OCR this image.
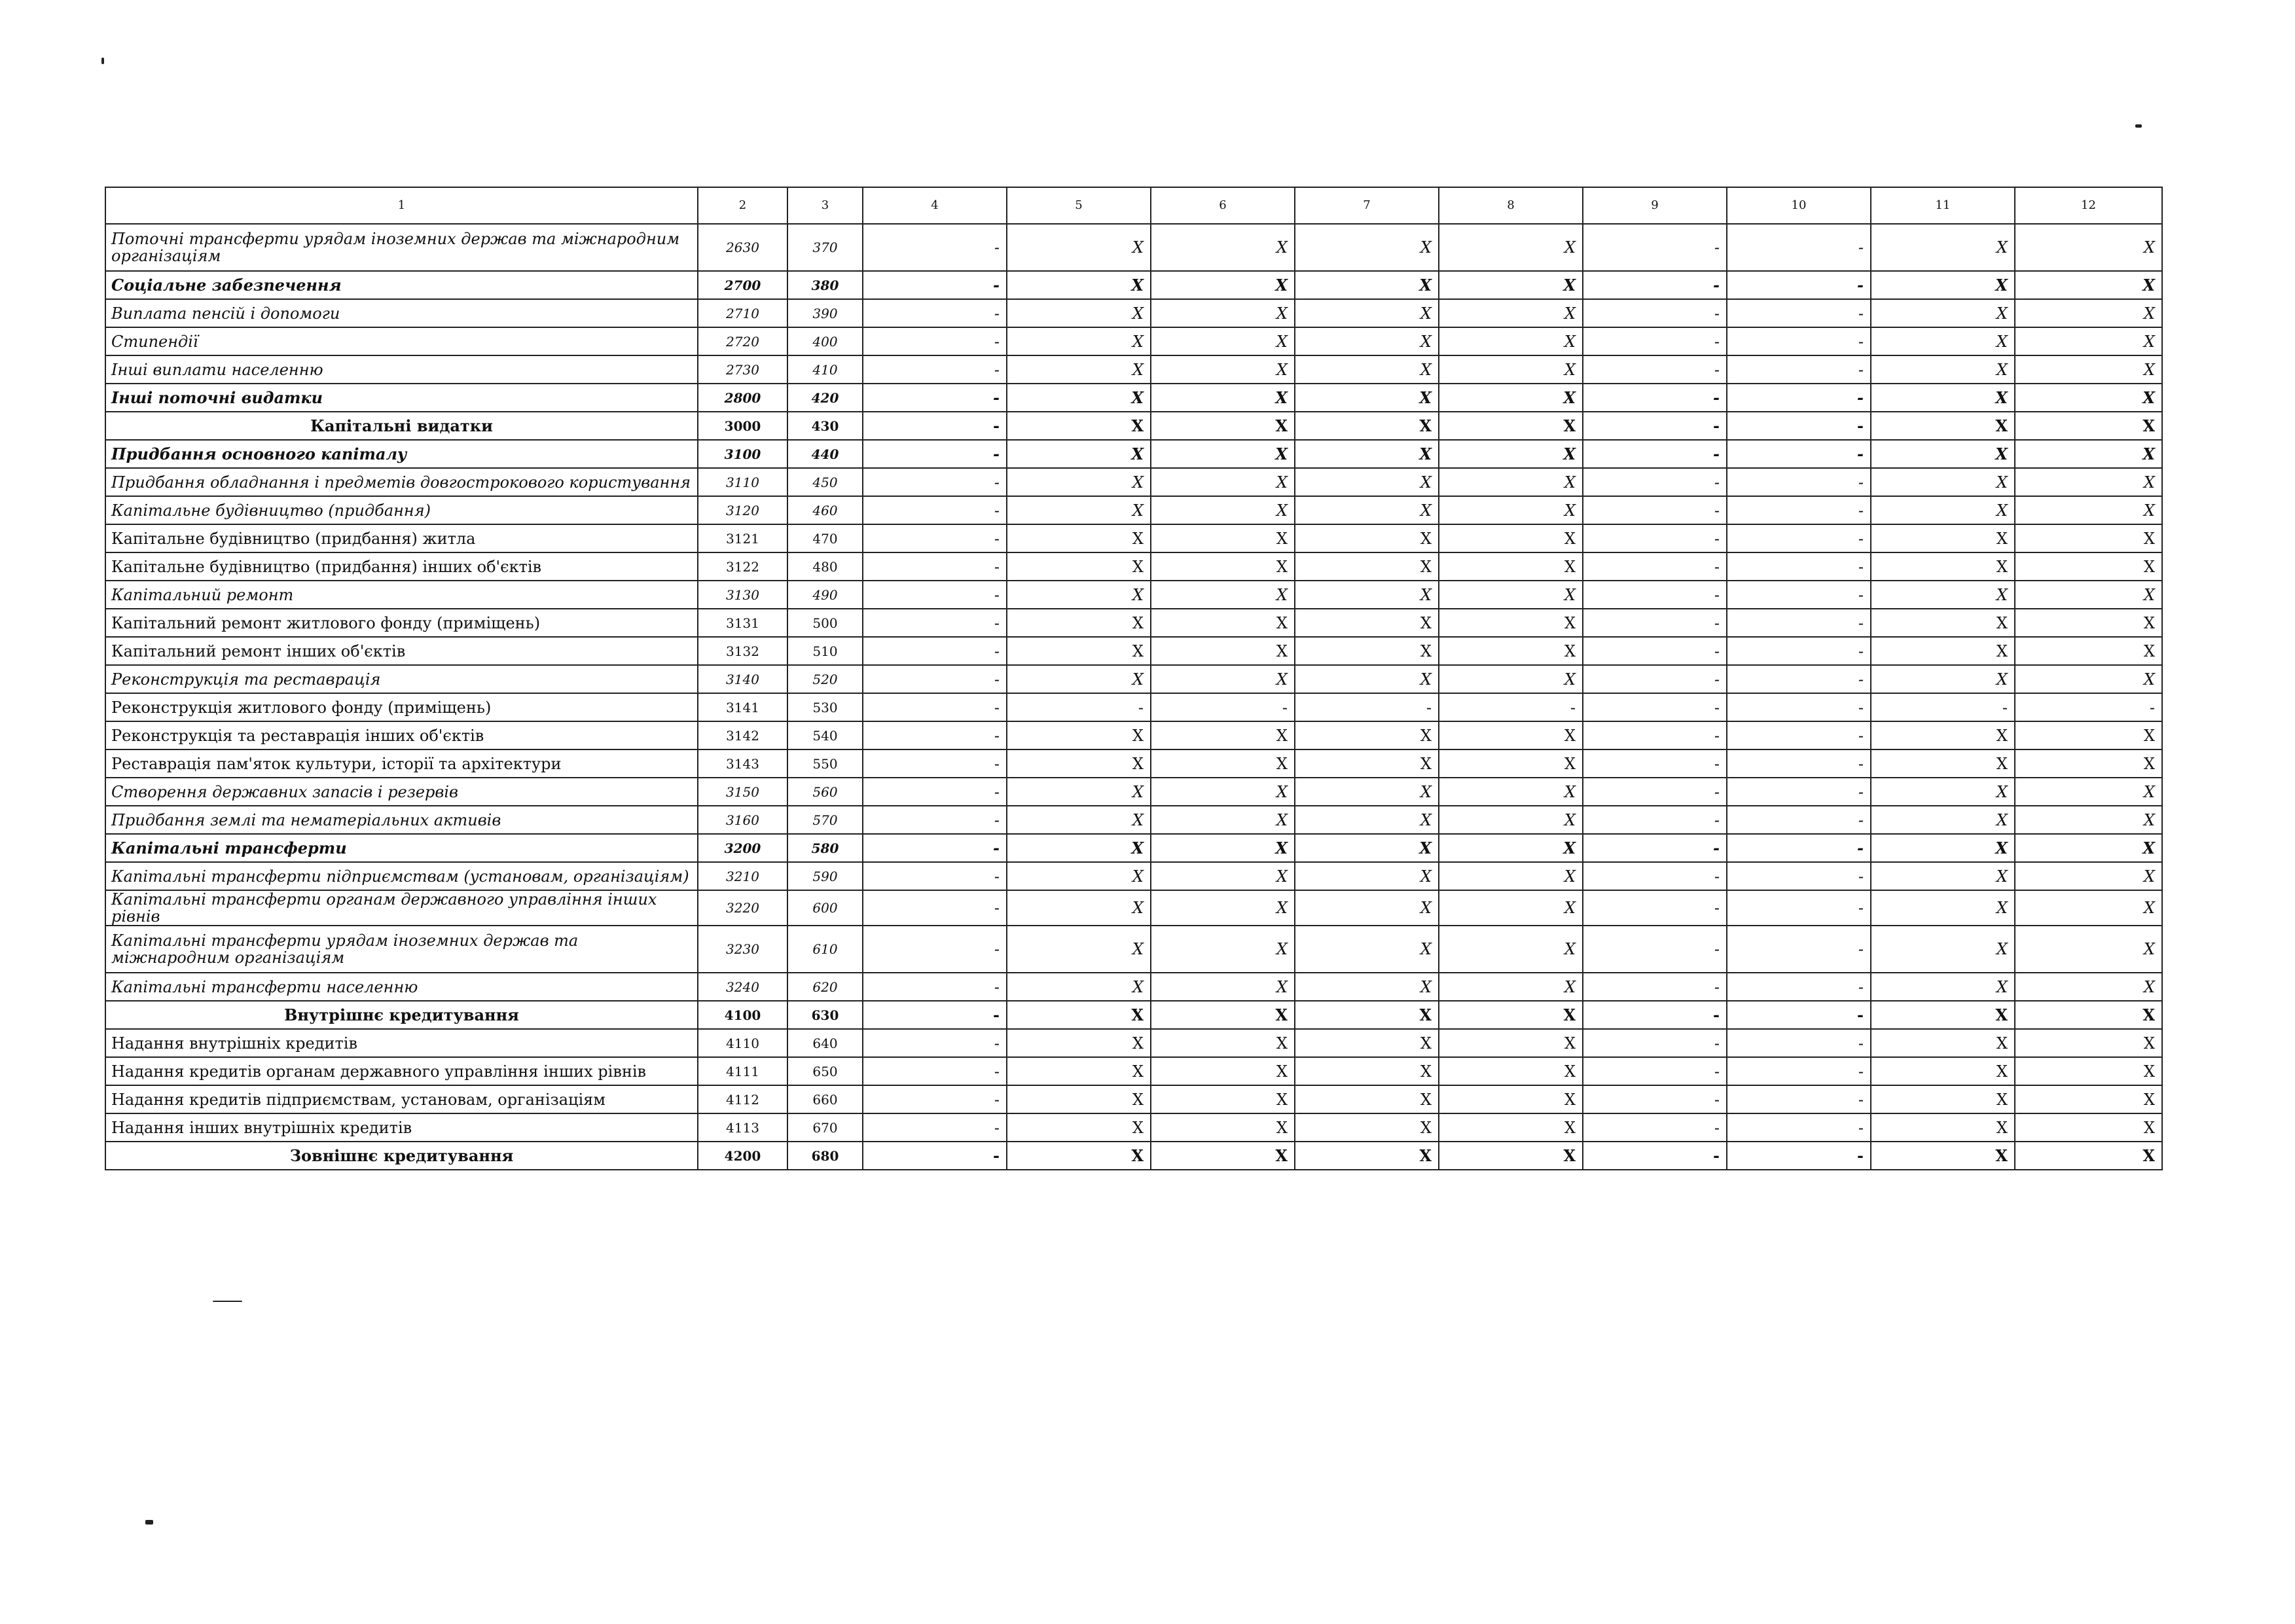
1	2	3	4	5	6	7	8	9	10	11	12
Поточні трансферти урядам іноземних держав та міжнародним організаціям	2630	370	-	X	X	X	X	-	-	X	X
Соціальне забезпечення	2700	380	-	X	X	X	X	-	-	X	X
Виплата пенсій і допомоги	2710	390	-	X	X	X	X	-	-	X	X
Стипендії	2720	400	-	X	X	X	X	-	-	X	X
Інші виплати населенню	2730	410	-	X	X	X	X	-	-	X	X
Інші поточні видатки	2800	420	-	X	X	X	X	-	-	X	X
Капітальні видатки	3000	430	-	X	X	X	X	-	-	X	X
Придбання основного капіталу	3100	440	-	X	X	X	X	-	-	X	X
Придбання обладнання і предметів довгострокового користування	3110	450	-	X	X	X	X	-	-	X	X
Капітальне будівництво (придбання)	3120	460	-	X	X	X	X	-	-	X	X
Капітальне будівництво (придбання) житла	3121	470	-	X	X	X	X	-	-	X	X
Капітальне будівництво (придбання) інших об'єктів	3122	480	-	X	X	X	X	-	-	X	X
Капітальний ремонт	3130	490	-	X	X	X	X	-	-	X	X
Капітальний ремонт житлового фонду (приміщень)	3131	500	-	X	X	X	X	-	-	X	X
Капітальний ремонт інших об'єктів	3132	510	-	X	X	X	X	-	-	X	X
Реконструкція та реставрація	3140	520	-	X	X	X	X	-	-	X	X
Реконструкція житлового фонду (приміщень)	3141	530	-	-	-	-	-	-	-	-	-
Реконструкція та реставрація інших об'єктів	3142	540	-	X	X	X	X	-	-	X	X
Реставрація пам'яток культури, історії та архітектури	3143	550	-	X	X	X	X	-	-	X	X
Створення державних запасів і резервів	3150	560	-	X	X	X	X	-	-	X	X
Придбання землі та нематеріальних активів	3160	570	-	X	X	X	X	-	-	X	X
Капітальні трансферти	3200	580	-	X	X	X	X	-	-	X	X
Капітальні трансферти підприємствам (установам, організаціям)	3210	590	-	X	X	X	X	-	-	X	X
Капітальні трансферти органам державного управління інших рівнів	3220	600	-	X	X	X	X	-	-	X	X
Капітальні трансферти урядам іноземних держав та міжнародним організаціям	3230	610	-	X	X	X	X	-	-	X	X
Капітальні трансферти населенню	3240	620	-	X	X	X	X	-	-	X	X
Внутрішнє кредитування	4100	630	-	X	X	X	X	-	-	X	X
Надання внутрішніх кредитів	4110	640	-	X	X	X	X	-	-	X	X
Надання кредитів органам державного управління інших рівнів	4111	650	-	X	X	X	X	-	-	X	X
Надання кредитів підприємствам, установам, організаціям	4112	660	-	X	X	X	X	-	-	X	X
Надання інших внутрішніх кредитів	4113	670	-	X	X	X	X	-	-	X	X
Зовнішнє кредитування	4200	680	-	X	X	X	X	-	-	X	X
